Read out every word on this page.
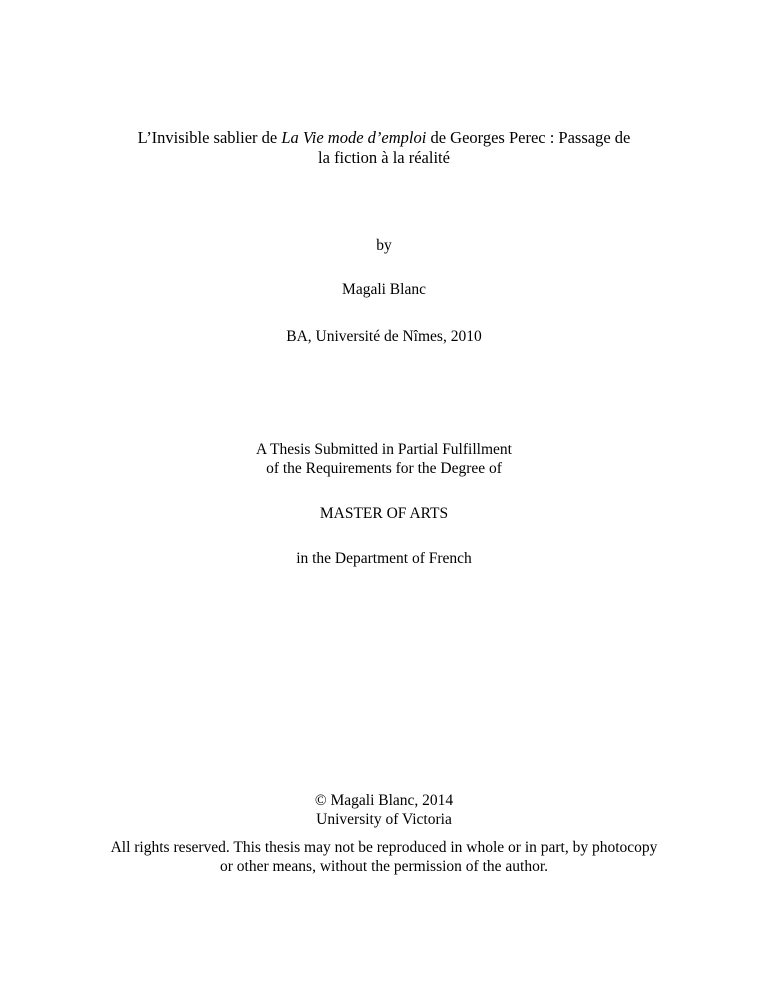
L’Invisible sablier de La Vie mode d’emploi de Georges Perec : Passage de
la fiction à la réalité
by
Magali Blanc
BA, Université de Nîmes, 2010
A Thesis Submitted in Partial Fulfillment
of the Requirements for the Degree of
MASTER OF ARTS
in the Department of French
© Magali Blanc, 2014
University of Victoria
All rights reserved. This thesis may not be reproduced in whole or in part, by photocopy
or other means, without the permission of the author.
